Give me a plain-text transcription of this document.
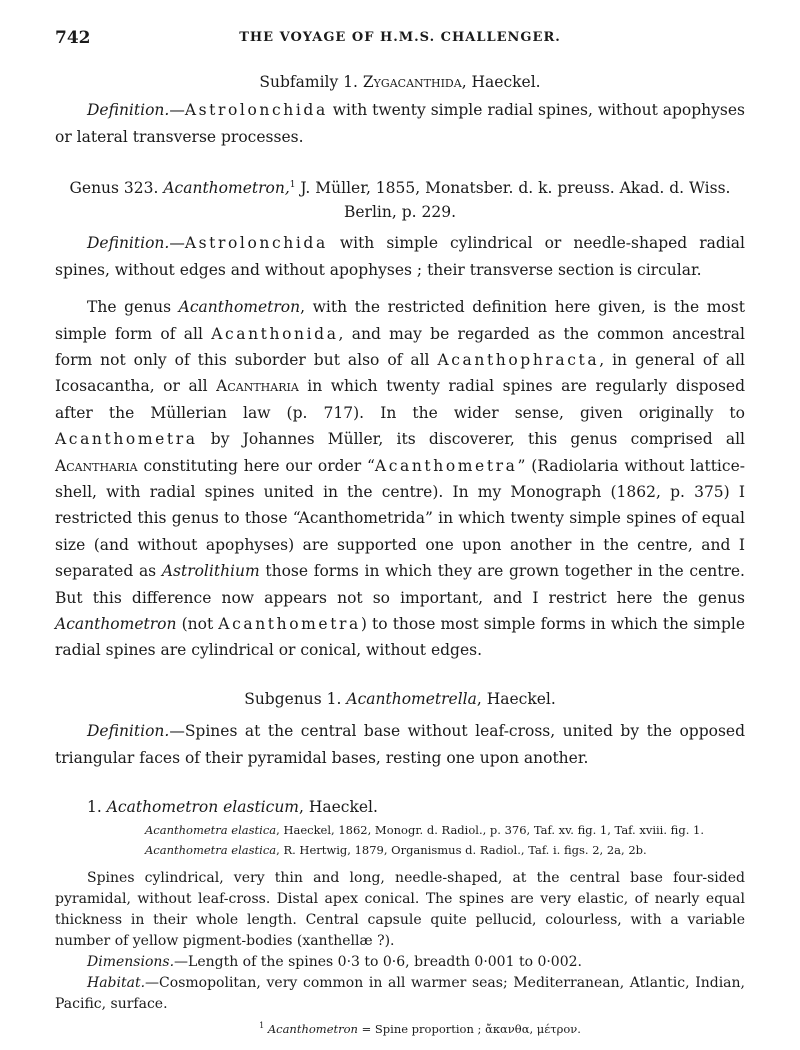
742	THE VOYAGE OF H.M.S. CHALLENGER.

Subfamily 1. Zygacanthida, Haeckel.

Definition.—Astrolonchida with twenty simple radial spines, without apophyses or lateral transverse processes.

Genus 323. Acanthometron,$^1$ J. Müller, 1855, Monatsber. d. k. preuss. Akad. d. Wiss. Berlin, p. 229.

Definition.—Astrolonchida with simple cylindrical or needle-shaped radial spines, without edges and without apophyses ; their transverse section is circular.

The genus Acanthometron, with the restricted definition here given, is the most simple form of all Acanthonida, and may be regarded as the common ancestral form not only of this suborder but also of all Acanthophracta, in general of all Icosacantha, or all Acantharia in which twenty radial spines are regularly disposed after the Müllerian law (p. 717). In the wider sense, given originally to Acanthometra by Johannes Müller, its discoverer, this genus comprised all Acantharia constituting here our order “Acanthometra” (Radiolaria without lattice-shell, with radial spines united in the centre). In my Monograph (1862, p. 375) I restricted this genus to those “Acanthometrida” in which twenty simple spines of equal size (and without apophyses) are supported one upon another in the centre, and I separated as Astrolithium those forms in which they are grown together in the centre. But this difference now appears not so important, and I restrict here the genus Acanthometron (not Acanthometra) to those most simple forms in which the simple radial spines are cylindrical or conical, without edges.

Subgenus 1. Acanthometrella, Haeckel.

Definition.—Spines at the central base without leaf-cross, united by the opposed triangular faces of their pyramidal bases, resting one upon another.

1. Acathometron elasticum, Haeckel.

Acanthometra elastica, Haeckel, 1862, Monogr. d. Radiol., p. 376, Taf. xv. fig. 1, Taf. xviii. fig. 1.

Acanthometra elastica, R. Hertwig, 1879, Organismus d. Radiol., Taf. i. figs. 2, 2a, 2b.

Spines cylindrical, very thin and long, needle-shaped, at the central base four-sided pyramidal, without leaf-cross. Distal apex conical. The spines are very elastic, of nearly equal thickness in their whole length. Central capsule quite pellucid, colourless, with a variable number of yellow pigment-bodies (xanthellæ ?).

Dimensions.—Length of the spines 0·3 to 0·6, breadth 0·001 to 0·002.

Habitat.—Cosmopolitan, very common in all warmer seas; Mediterranean, Atlantic, Indian, Pacific, surface.

$^1$ Acanthometron = Spine proportion ; ἄκανθα, μέτρον.
